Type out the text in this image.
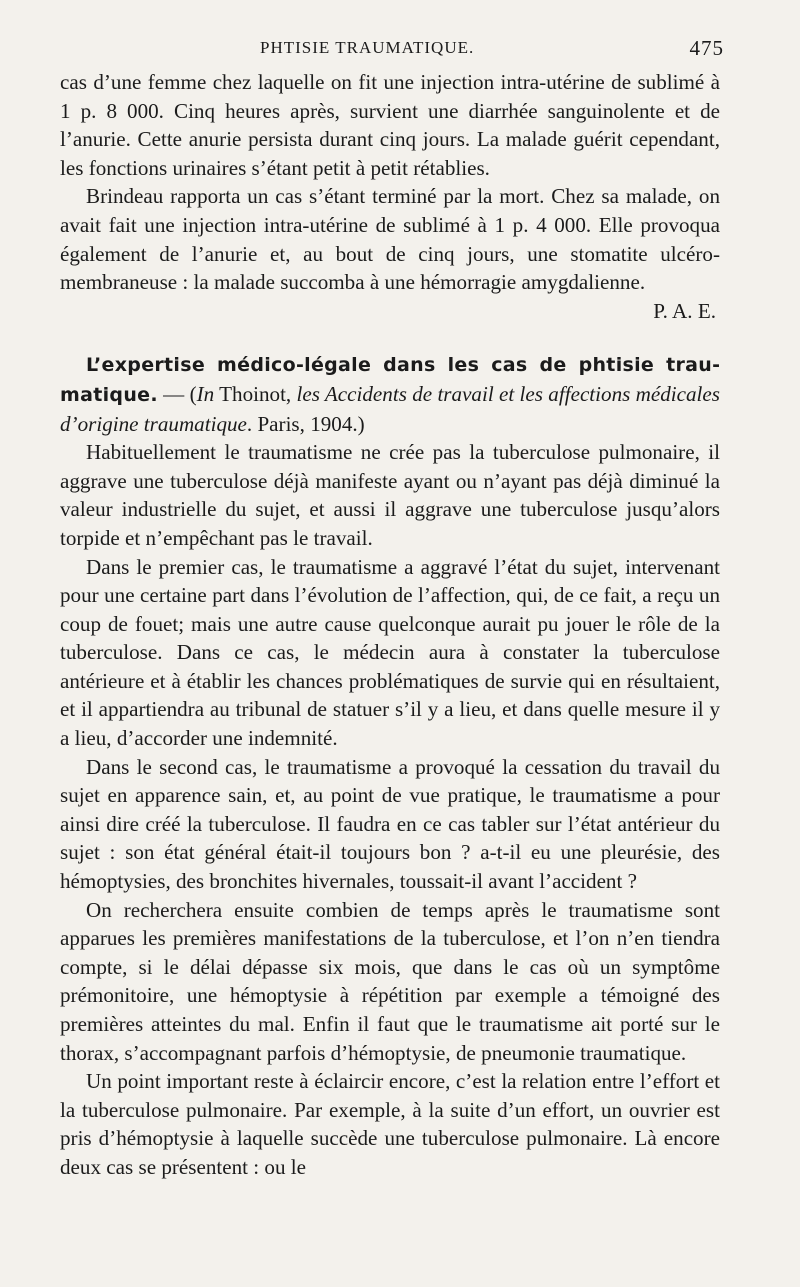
PHTISIE TRAUMATIQUE.	475

cas d’une femme chez laquelle on fit une injection intra-utérine de sublimé à 1 p. 8 000. Cinq heures après, survient une diarrhée sanguinolente et de l’anurie. Cette anurie persista durant cinq jours. La malade guérit cependant, les fonctions urinaires s’étant petit à petit rétablies.

Brindeau rapporta un cas s’étant terminé par la mort. Chez sa malade, on avait fait une injection intra-utérine de sublimé à 1 p. 4 000. Elle provoqua également de l’anurie et, au bout de cinq jours, une stomatite ulcéro-membraneuse : la malade succomba à une hémorragie amygdalienne.
P. A. E.

L’expertise médico-légale dans les cas de phtisie traumatique. — (In Thoinot, les Accidents de travail et les affections médicales d’origine traumatique. Paris, 1904.)

Habituellement le traumatisme ne crée pas la tuberculose pulmonaire, il aggrave une tuberculose déjà manifeste ayant ou n’ayant pas déjà diminué la valeur industrielle du sujet, et aussi il aggrave une tuberculose jusqu’alors torpide et n’empêchant pas le travail.

Dans le premier cas, le traumatisme a aggravé l’état du sujet, intervenant pour une certaine part dans l’évolution de l’affection, qui, de ce fait, a reçu un coup de fouet; mais une autre cause quelconque aurait pu jouer le rôle de la tuberculose. Dans ce cas, le médecin aura à constater la tuberculose antérieure et à établir les chances problématiques de survie qui en résultaient, et il appartiendra au tribunal de statuer s’il y a lieu, et dans quelle mesure il y a lieu, d’accorder une indemnité.

Dans le second cas, le traumatisme a provoqué la cessation du travail du sujet en apparence sain, et, au point de vue pratique, le traumatisme a pour ainsi dire créé la tuberculose. Il faudra en ce cas tabler sur l’état antérieur du sujet : son état général était-il toujours bon ? a-t-il eu une pleurésie, des hémoptysies, des bronchites hivernales, toussait-il avant l’accident ?

On recherchera ensuite combien de temps après le traumatisme sont apparues les premières manifestations de la tuberculose, et l’on n’en tiendra compte, si le délai dépasse six mois, que dans le cas où un symptôme prémonitoire, une hémoptysie à répétition par exemple a témoigné des premières atteintes du mal. Enfin il faut que le traumatisme ait porté sur le thorax, s’accompagnant parfois d’hémoptysie, de pneumonie traumatique.

Un point important reste à éclaircir encore, c’est la relation entre l’effort et la tuberculose pulmonaire. Par exemple, à la suite d’un effort, un ouvrier est pris d’hémoptysie à laquelle succède une tuberculose pulmonaire. Là encore deux cas se présentent : ou le
